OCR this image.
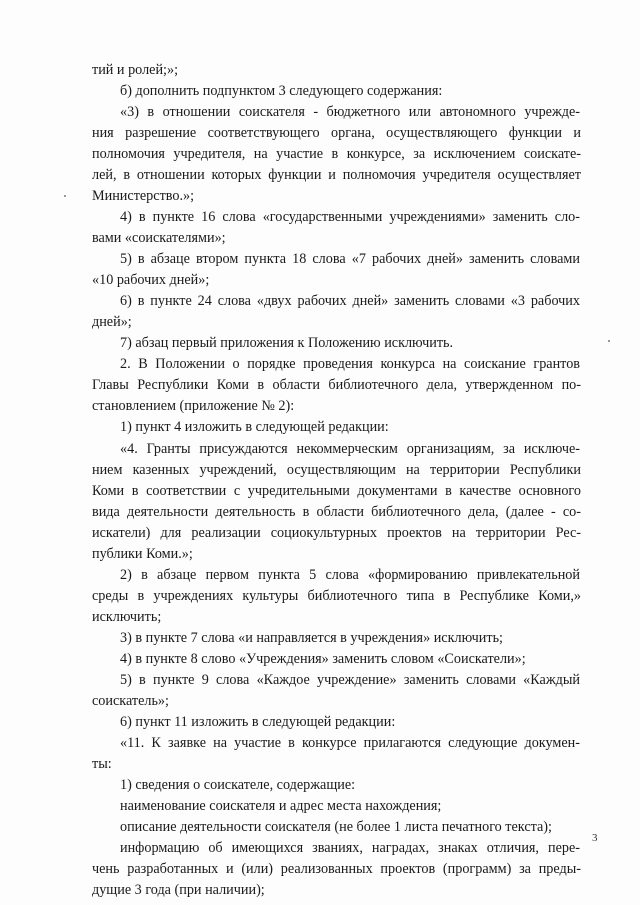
тий и ролей;»;
б) дополнить подпунктом 3 следующего содержания:
«3) в отношении соискателя - бюджетного или автономного учрежде-
ния разрешение соответствующего органа, осуществляющего функции и
полномочия учредителя, на участие в конкурсе, за исключением соискате-
лей, в отношении которых функции и полномочия учредителя осуществляет
Министерство.»;
4) в пункте 16 слова «государственными учреждениями» заменить сло-
вами «соискателями»;
5) в абзаце втором пункта 18 слова «7 рабочих дней» заменить словами
«10 рабочих дней»;
6) в пункте 24 слова «двух рабочих дней» заменить словами «3 рабочих
дней»;
7) абзац первый приложения к Положению исключить.
2. В Положении о порядке проведения конкурса на соискание грантов
Главы Республики Коми в области библиотечного дела, утвержденном по-
становлением (приложение № 2):
1) пункт 4 изложить в следующей редакции:
«4. Гранты присуждаются некоммерческим организациям, за исключе-
нием казенных учреждений, осуществляющим на территории Республики
Коми в соответствии с учредительными документами в качестве основного
вида деятельности деятельность в области библиотечного дела, (далее - со-
искатели) для реализации социокультурных проектов на территории Рес-
публики Коми.»;
2) в абзаце первом пункта 5 слова «формированию привлекательной
среды в учреждениях культуры библиотечного типа в Республике Коми,»
исключить;
3) в пункте 7 слова «и направляется в учреждения» исключить;
4) в пункте 8 слово «Учреждения» заменить словом «Соискатели»;
5) в пункте 9 слова «Каждое учреждение» заменить словами «Каждый
соискатель»;
6) пункт 11 изложить в следующей редакции:
«11. К заявке на участие в конкурсе прилагаются следующие докумен-
ты:
1) сведения о соискателе, содержащие:
наименование соискателя и адрес места нахождения;
описание деятельности соискателя (не более 1 листа печатного текста);
информацию об имеющихся званиях, наградах, знаках отличия, пере-
чень разработанных и (или) реализованных проектов (программ) за преды-
дущие 3 года (при наличии);
3
